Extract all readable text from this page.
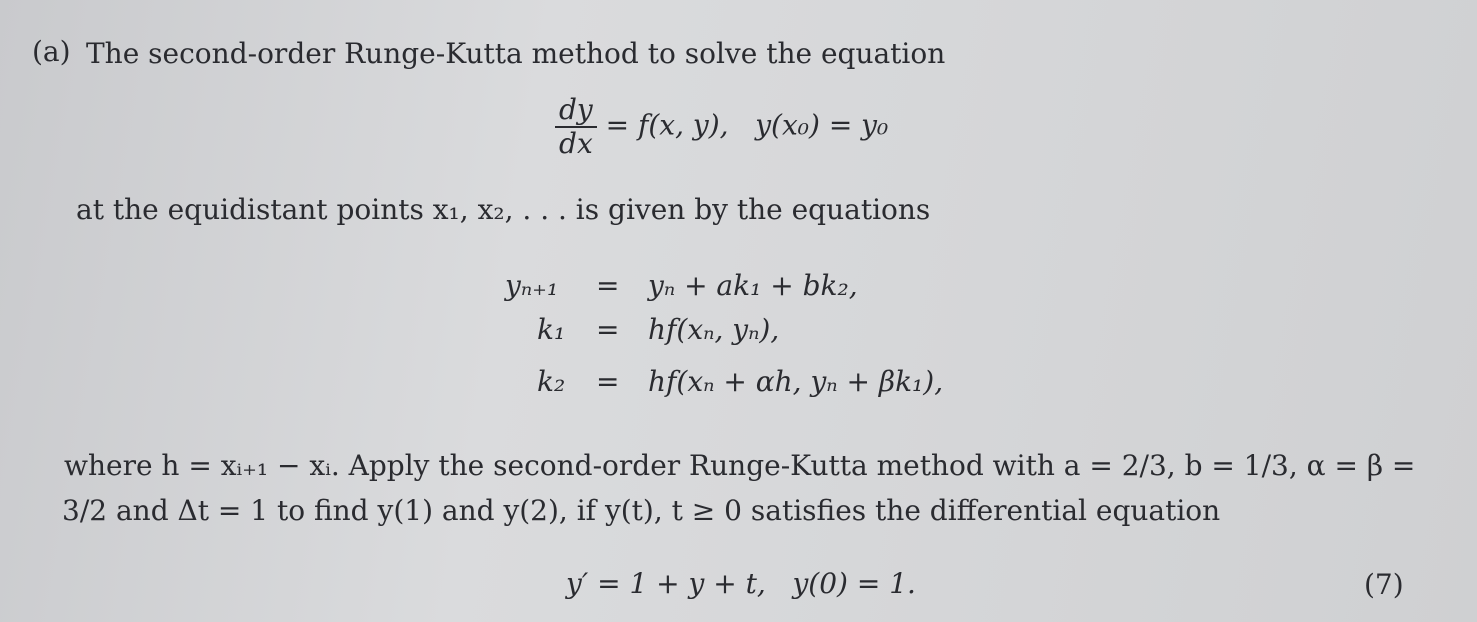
(a) The second-order Runge-Kutta method to solve the equation
$\frac{dy}{dx} = f(x$, y),   y(x₀) = y₀
at the equidistant points x₁, x₂, . . . is given by the equations
yₙ₊₁ = yₙ + ak₁ + bk₂,
k₁ = hf(xₙ, yₙ),
k₂ = hf(xₙ + αh, yₙ + βk₁),
where h = xᵢ₊₁ − xᵢ. Apply the second-order Runge-Kutta method with a = 2/3, b = 1/3, α = β =
3/2 and Δt = 1 to find y(1) and y(2), if y(t), t ≥ 0 satisfies the differential equation
y′ = 1 + y + t,   y(0) = 1.	(7)
